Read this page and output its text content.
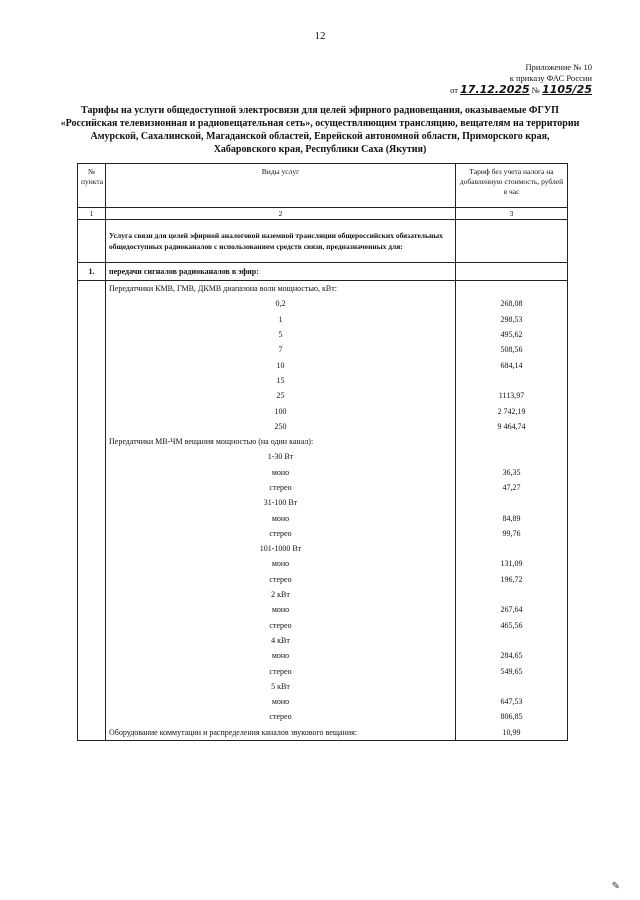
12
Приложение № 10
к приказу ФАС России
от 17.12.2025 № 1105/25
Тарифы на услуги общедоступной электросвязи для целей эфирного радиовещания, оказываемые ФГУП «Российская телевизионная и радиовещательная сеть», осуществляющим трансляцию, вещателям на территории Амурской, Сахалинской, Магаданской областей, Еврейской автономной области, Приморского края, Хабаровского края, Республики Саха (Якутия)
№ пункта	Виды услуг	Тариф без учета налога на добавленную стоимость, рублей в час
1	2	3
	Услуга связи для целей эфирной аналоговой наземной трансляции общероссийских обязательных общедоступных радиоканалов с использованием средств связи, предназначенных для:	
1.	передачи сигналов радиоканалов в эфир:	
	Передатчики КМВ, ГМВ, ДКМВ диапазона волн мощностью, кВт:	
	0,2	268,08
	1	298,53
	5	495,62
	7	508,56
	10	684,14
	15	
	25	1113,97
	100	2 742,19
	250	9 464,74
	Передатчики МВ-ЧМ вещания мощностью (на один канал):	
	1-30 Вт	
	моно	36,35
	стерео	47,27
	31-100 Вт	
	моно	84,89
	стерео	99,76
	101-1000 Вт	
	моно	131,09
	стерео	196,72
	2 кВт	
	моно	267,64
	стерео	465,56
	4 кВт	
	моно	284,65
	стерео	549,65
	5 кВт	
	моно	647,53
	стерео	806,85
	Оборудование коммутации и распределения каналов звукового вещания:	10,99
✎
